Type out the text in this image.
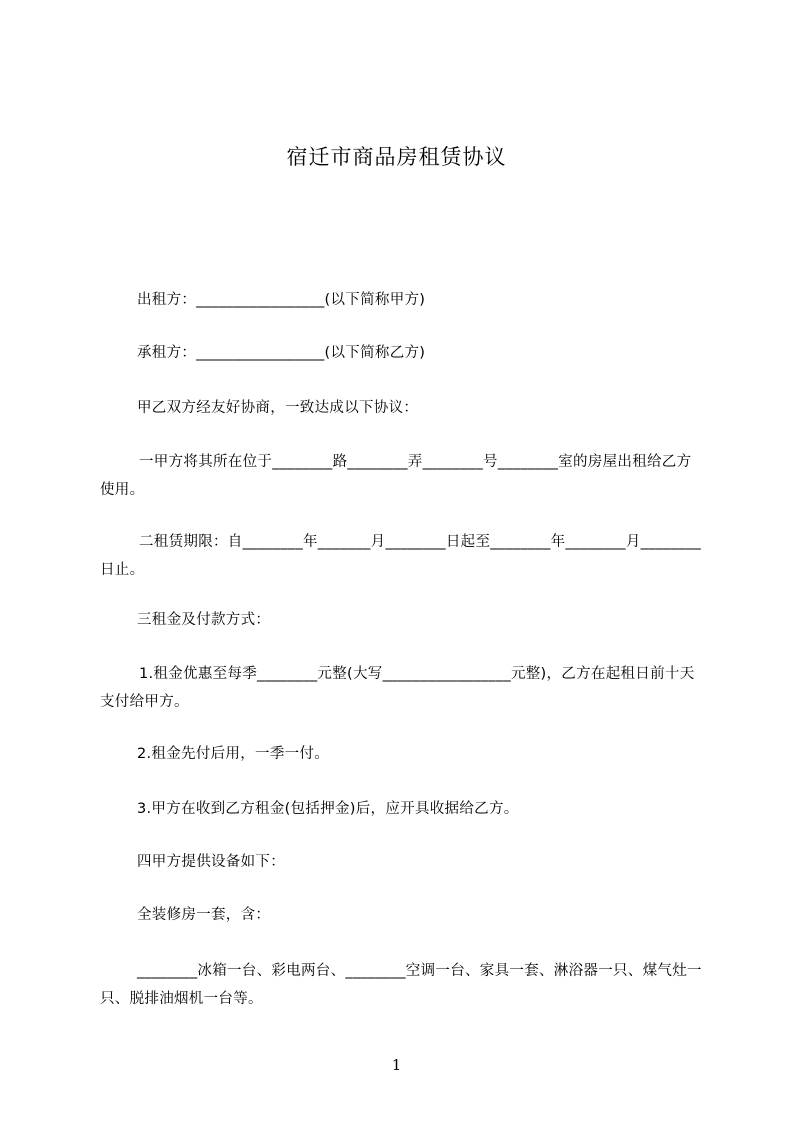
宿迁市商品房租赁协议
出租方：_________________(以下简称甲方)
承租方：_________________(以下简称乙方)
甲乙双方经友好协商，一致达成以下协议：
一甲方将其所在位于________路________弄________号________室的房屋出租给乙方使用。
二租赁期限：自________年_______月________日起至________年________月________日止。
三租金及付款方式：
1.租金优惠至每季________元整(大写_________________元整)，乙方在起租日前十天支付给甲方。
2.租金先付后用，一季一付。
3.甲方在收到乙方租金(包括押金)后，应开具收据给乙方。
四甲方提供设备如下：
全装修房一套，含：
________冰箱一台、彩电两台、________空调一台、家具一套、淋浴器一只、煤气灶一只、脱排油烟机一台等。
1
